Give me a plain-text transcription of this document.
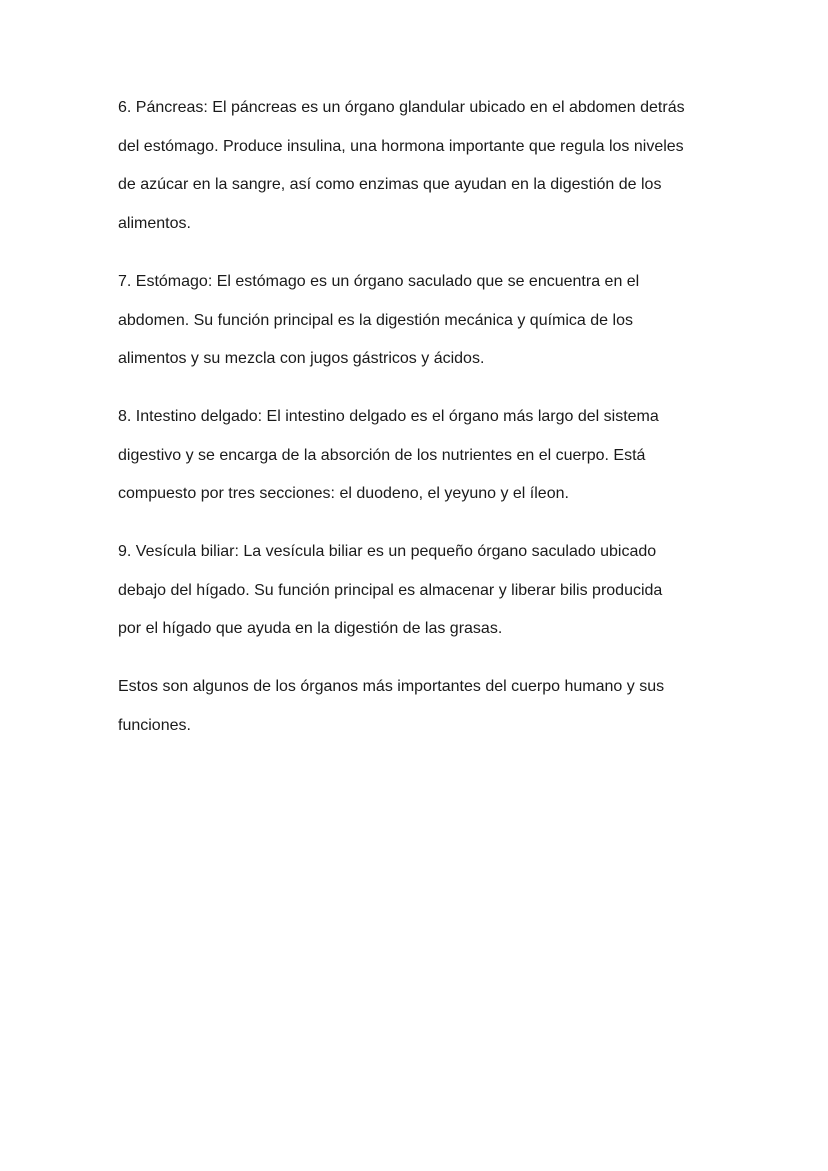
6. Páncreas: El páncreas es un órgano glandular ubicado en el abdomen detrás
del estómago. Produce insulina, una hormona importante que regula los niveles
de azúcar en la sangre, así como enzimas que ayudan en la digestión de los
alimentos.

7. Estómago: El estómago es un órgano saculado que se encuentra en el
abdomen. Su función principal es la digestión mecánica y química de los
alimentos y su mezcla con jugos gástricos y ácidos.

8. Intestino delgado: El intestino delgado es el órgano más largo del sistema
digestivo y se encarga de la absorción de los nutrientes en el cuerpo. Está
compuesto por tres secciones: el duodeno, el yeyuno y el íleon.

9. Vesícula biliar: La vesícula biliar es un pequeño órgano saculado ubicado
debajo del hígado. Su función principal es almacenar y liberar bilis producida
por el hígado que ayuda en la digestión de las grasas.

Estos son algunos de los órganos más importantes del cuerpo humano y sus
funciones.
